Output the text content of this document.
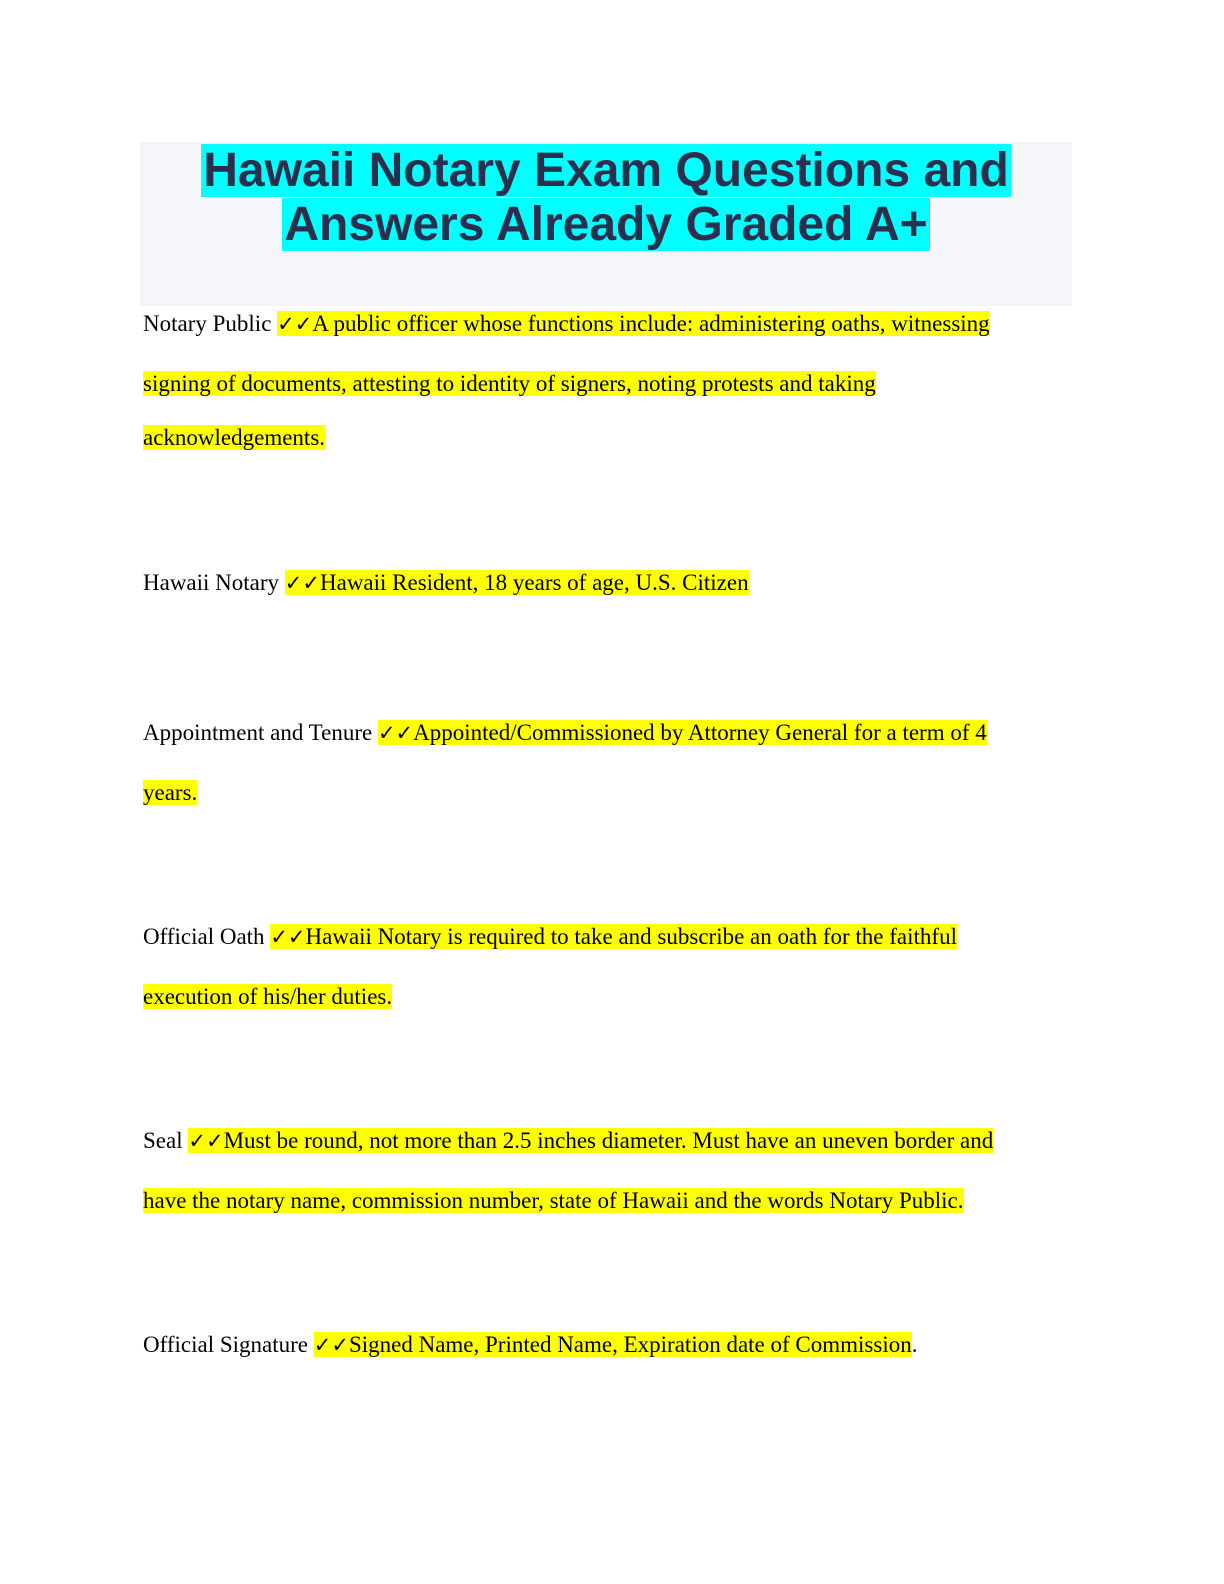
Hawaii Notary Exam Questions and
Answers Already Graded A+
Notary Public ✓✓A public officer whose functions include: administering oaths, witnessing
signing of documents, attesting to identity of signers, noting protests and taking
acknowledgements.
Hawaii Notary ✓✓Hawaii Resident, 18 years of age, U.S. Citizen
Appointment and Tenure ✓✓Appointed/Commissioned by Attorney General for a term of 4
years.
Official Oath ✓✓Hawaii Notary is required to take and subscribe an oath for the faithful
execution of his/her duties.
Seal ✓✓Must be round, not more than 2.5 inches diameter. Must have an uneven border and
have the notary name, commission number, state of Hawaii and the words Notary Public.
Official Signature ✓✓Signed Name, Printed Name, Expiration date of Commission.
